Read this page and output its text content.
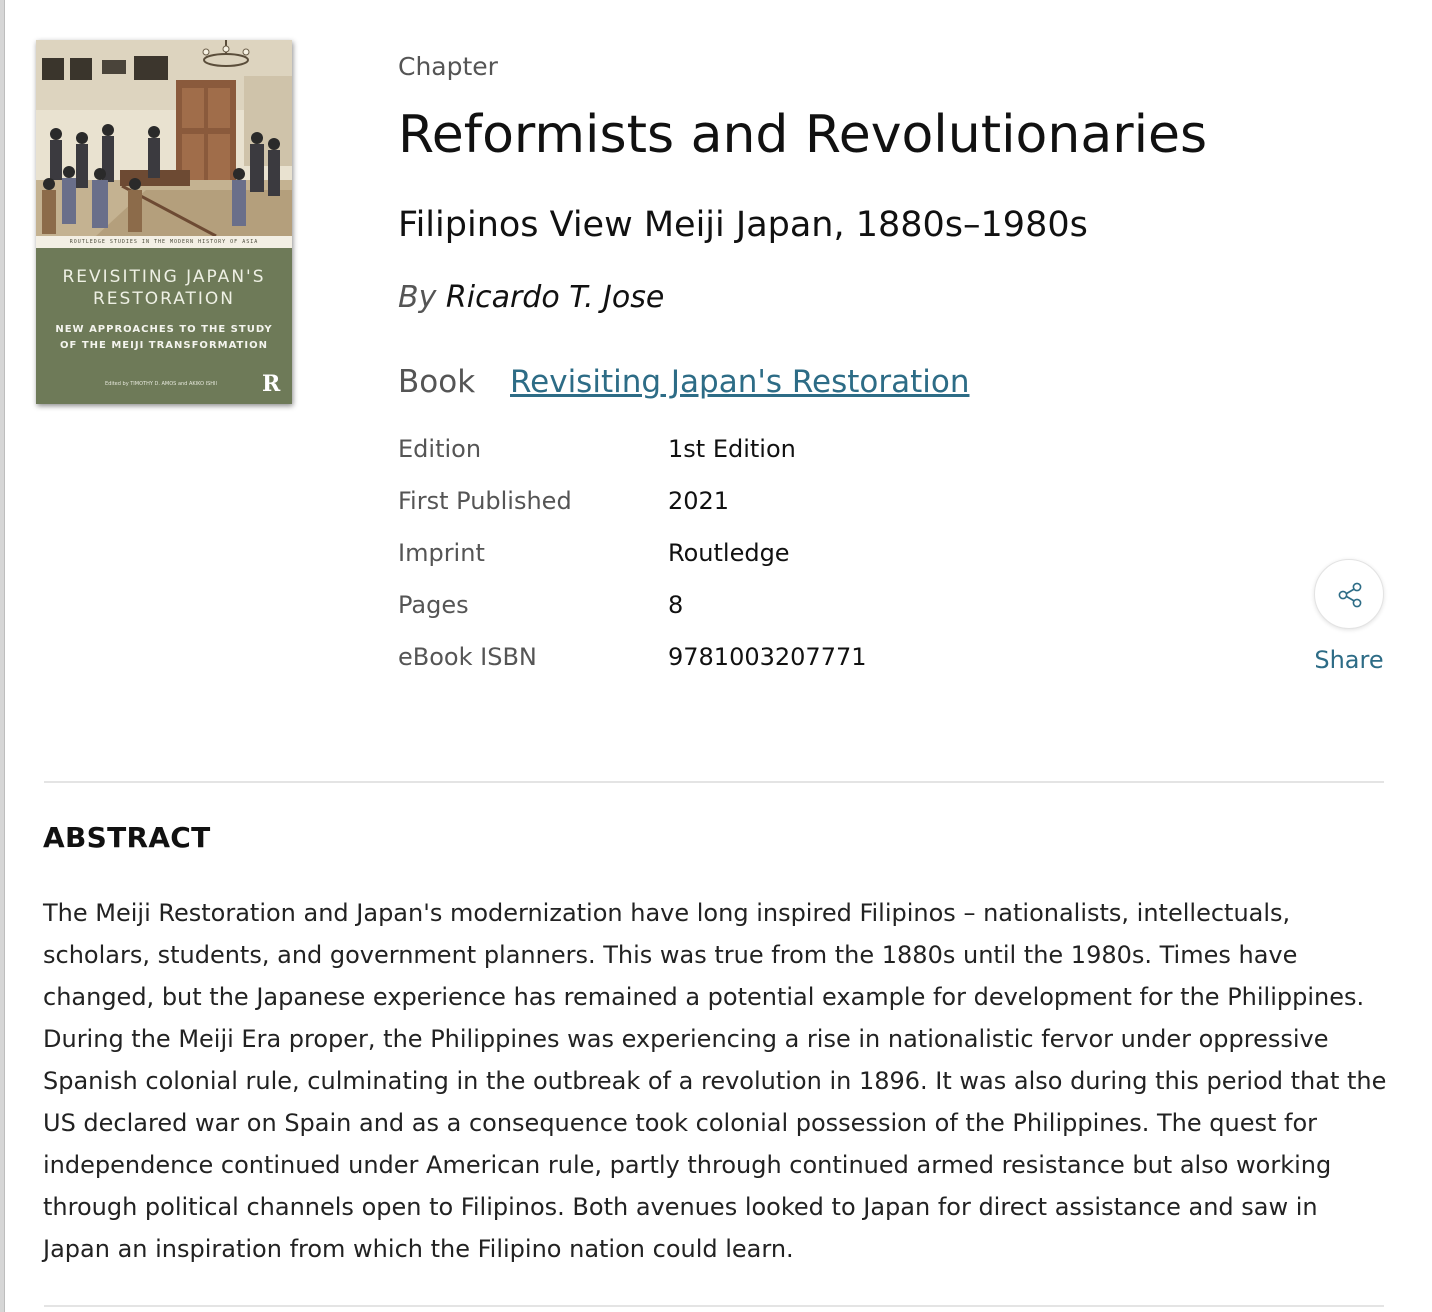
ROUTLEDGE STUDIES IN THE MODERN HISTORY OF ASIA
REVISITING JAPAN'S
RESTORATION
NEW APPROACHES TO THE STUDY
OF THE MEIJI TRANSFORMATION
Edited by TIMOTHY D. AMOS and AKIKO ISHII	R
Chapter
Reformists and Revolutionaries
Filipinos View Meiji Japan, 1880s–1980s
By Ricardo T. Jose
Book Revisiting Japan's Restoration
Edition	1st Edition
First Published	2021
Imprint	Routledge
Pages	8
eBook ISBN	9781003207771	Share
ABSTRACT

The Meiji Restoration and Japan's modernization have long inspired Filipinos – nationalists, intellectuals, scholars, students, and government planners. This was true from the 1880s until the 1980s. Times have changed, but the Japanese experience has remained a potential example for development for the Philippines. During the Meiji Era proper, the Philippines was experiencing a rise in nationalistic fervor under oppressive Spanish colonial rule, culminating in the outbreak of a revolution in 1896. It was also during this period that the US declared war on Spain and as a consequence took colonial possession of the Philippines. The quest for independence continued under American rule, partly through continued armed resistance but also working through political channels open to Filipinos. Both avenues looked to Japan for direct assistance and saw in Japan an inspiration from which the Filipino nation could learn.
